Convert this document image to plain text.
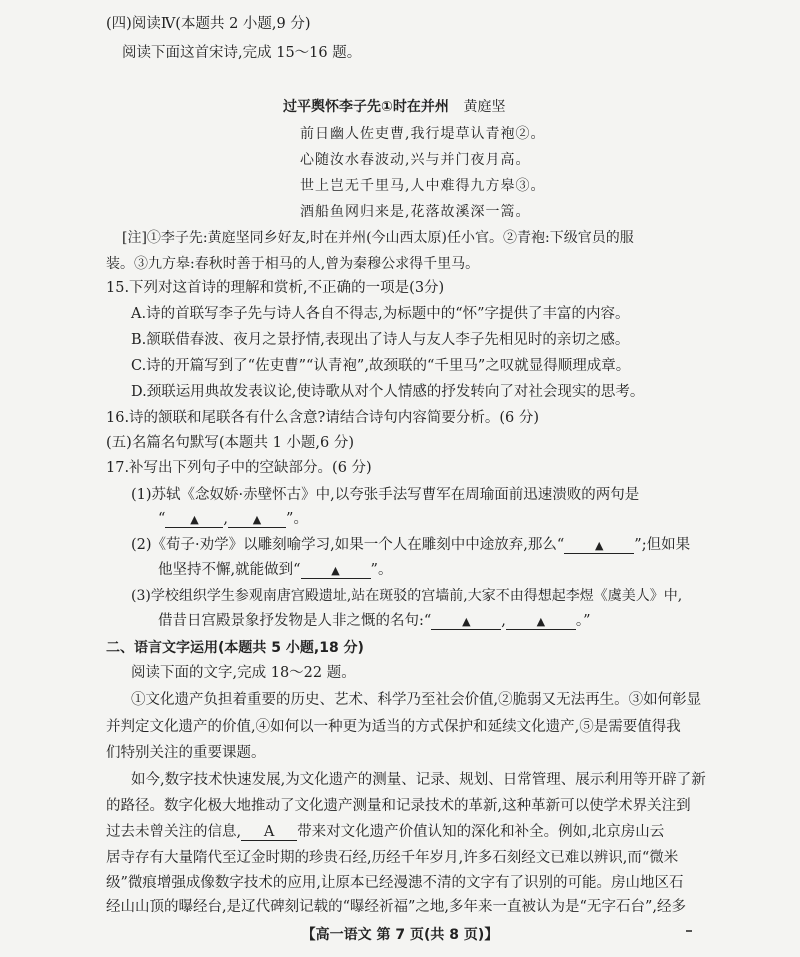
(四)阅读Ⅳ(本题共 2 小题,9 分)
阅读下面这首宋诗,完成 15～16 题。
过平舆怀李子先①时在并州 黄庭坚
前日幽人佐吏曹,我行堤草认青袍②。
心随汝水春波动,兴与并门夜月高。
世上岂无千里马,人中难得九方皋③。
酒船鱼网归来是,花落故溪深一篙。
[注]①李子先:黄庭坚同乡好友,时在并州(今山西太原)任小官。②青袍:下级官员的服
装。③九方皋:春秋时善于相马的人,曾为秦穆公求得千里马。
15.下列对这首诗的理解和赏析,不正确的一项是(3分)
A.诗的首联写李子先与诗人各自不得志,为标题中的“怀”字提供了丰富的内容。
B.颔联借春波、夜月之景抒情,表现出了诗人与友人李子先相见时的亲切之感。
C.诗的开篇写到了“佐吏曹”“认青袍”,故颈联的“千里马”之叹就显得顺理成章。
D.颈联运用典故发表议论,使诗歌从对个人情感的抒发转向了对社会现实的思考。
16.诗的颔联和尾联各有什么含意?请结合诗句内容简要分析。(6 分)
(五)名篇名句默写(本题共 1 小题,6 分)
17.补写出下列句子中的空缺部分。(6 分)
(1)苏轼《念奴娇·赤壁怀古》中,以夸张手法写曹军在周瑜面前迅速溃败的两句是
“ ▲ , ▲ ”。
(2)《荀子·劝学》以雕刻喻学习,如果一个人在雕刻中中途放弃,那么“	▲ ”;但如果
他坚持不懈,就能做到“	▲ ”。
(3)学校组织学生参观南唐宫殿遗址,站在斑驳的宫墙前,大家不由得想起李煜《虞美人》中,
借昔日宫殿景象抒发物是人非之慨的名句:“	▲ ,	▲ 。”
二、语言文字运用(本题共 5 小题,18 分)
阅读下面的文字,完成 18～22 题。
①文化遗产负担着重要的历史、艺术、科学乃至社会价值,②脆弱又无法再生。③如何彰显
并判定文化遗产的价值,④如何以一种更为适当的方式保护和延续文化遗产,⑤是需要值得我
们特别关注的重要课题。
如今,数字技术快速发展,为文化遗产的测量、记录、规划、日常管理、展示利用等开辟了新
的路径。数字化极大地推动了文化遗产测量和记录技术的革新,这种革新可以使学术界关注到
过去未曾关注的信息, A 带来对文化遗产价值认知的深化和补全。例如,北京房山云
居寺存有大量隋代至辽金时期的珍贵石经,历经千年岁月,许多石刻经文已难以辨识,而“微米
级”微痕增强成像数字技术的应用,让原本已经漫漶不清的文字有了识别的可能。房山地区石
经山山顶的曝经台,是辽代碑刻记载的“曝经祈福”之地,多年来一直被认为是“无字石台”,经多
【高一语文 第 7 页(共 8 页)】
